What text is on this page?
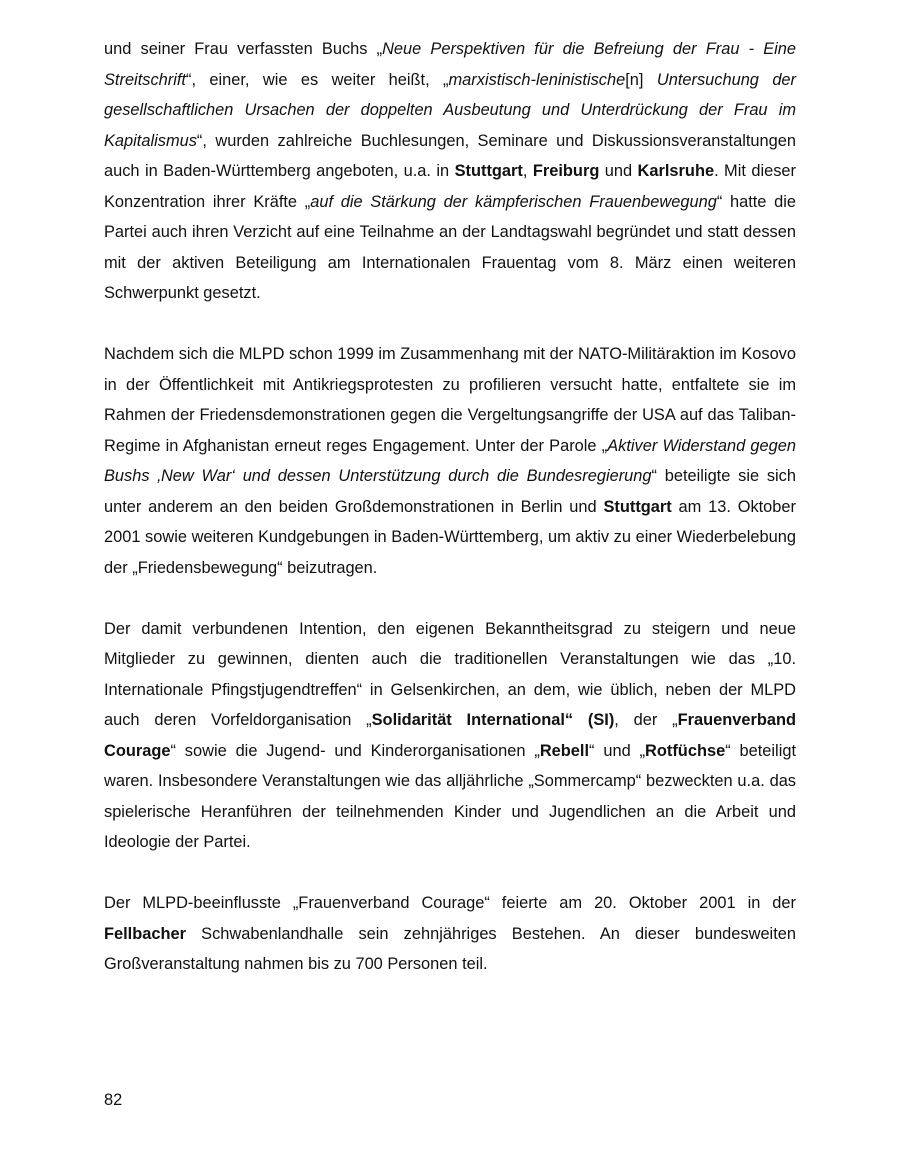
und seiner Frau verfassten Buchs „Neue Perspektiven für die Befreiung der Frau - Eine Streitschrift“, einer, wie es weiter heißt, „marxistisch-leninistische[n] Untersuchung der gesellschaftlichen Ursachen der doppelten Ausbeutung und Unterdrückung der Frau im Kapitalismus“, wurden zahlreiche Buchlesungen, Seminare und Diskussionsveranstaltungen auch in Baden-Württemberg angeboten, u.a. in Stuttgart, Freiburg und Karlsruhe. Mit dieser Konzentration ihrer Kräfte „auf die Stärkung der kämpferischen Frauenbewegung“ hatte die Partei auch ihren Verzicht auf eine Teilnahme an der Landtagswahl begründet und statt dessen mit der aktiven Beteiligung am Internationalen Frauentag vom 8. März einen weiteren Schwerpunkt gesetzt.

Nachdem sich die MLPD schon 1999 im Zusammenhang mit der NATO-Militäraktion im Kosovo in der Öffentlichkeit mit Antikriegsprotesten zu profilieren versucht hatte, entfaltete sie im Rahmen der Friedensdemonstrationen gegen die Vergeltungsangriffe der USA auf das Taliban-Regime in Afghanistan erneut reges Engagement. Unter der Parole „Aktiver Widerstand gegen Bushs ‚New War‘ und dessen Unterstützung durch die Bundesregierung“ beteiligte sie sich unter anderem an den beiden Großdemonstrationen in Berlin und Stuttgart am 13. Oktober 2001 sowie weiteren Kundgebungen in Baden-Württemberg, um aktiv zu einer Wiederbelebung der „Friedensbewegung“ beizutragen.

Der damit verbundenen Intention, den eigenen Bekanntheitsgrad zu steigern und neue Mitglieder zu gewinnen, dienten auch die traditionellen Veranstaltungen wie das „10. Internationale Pfingstjugendtreffen“ in Gelsenkirchen, an dem, wie üblich, neben der MLPD auch deren Vorfeldorganisation „Solidarität International“ (SI), der „Frauenverband Courage“ sowie die Jugend- und Kinderorganisationen „Rebell“ und „Rotfüchse“ beteiligt waren. Insbesondere Veranstaltungen wie das alljährliche „Sommercamp“ bezweckten u.a. das spielerische Heranführen der teilnehmenden Kinder und Jugendlichen an die Arbeit und Ideologie der Partei.

Der MLPD-beeinflusste „Frauenverband Courage“ feierte am 20. Oktober 2001 in der Fellbacher Schwabenlandhalle sein zehnjähriges Bestehen. An dieser bundesweiten Großveranstaltung nahmen bis zu 700 Personen teil.

82
